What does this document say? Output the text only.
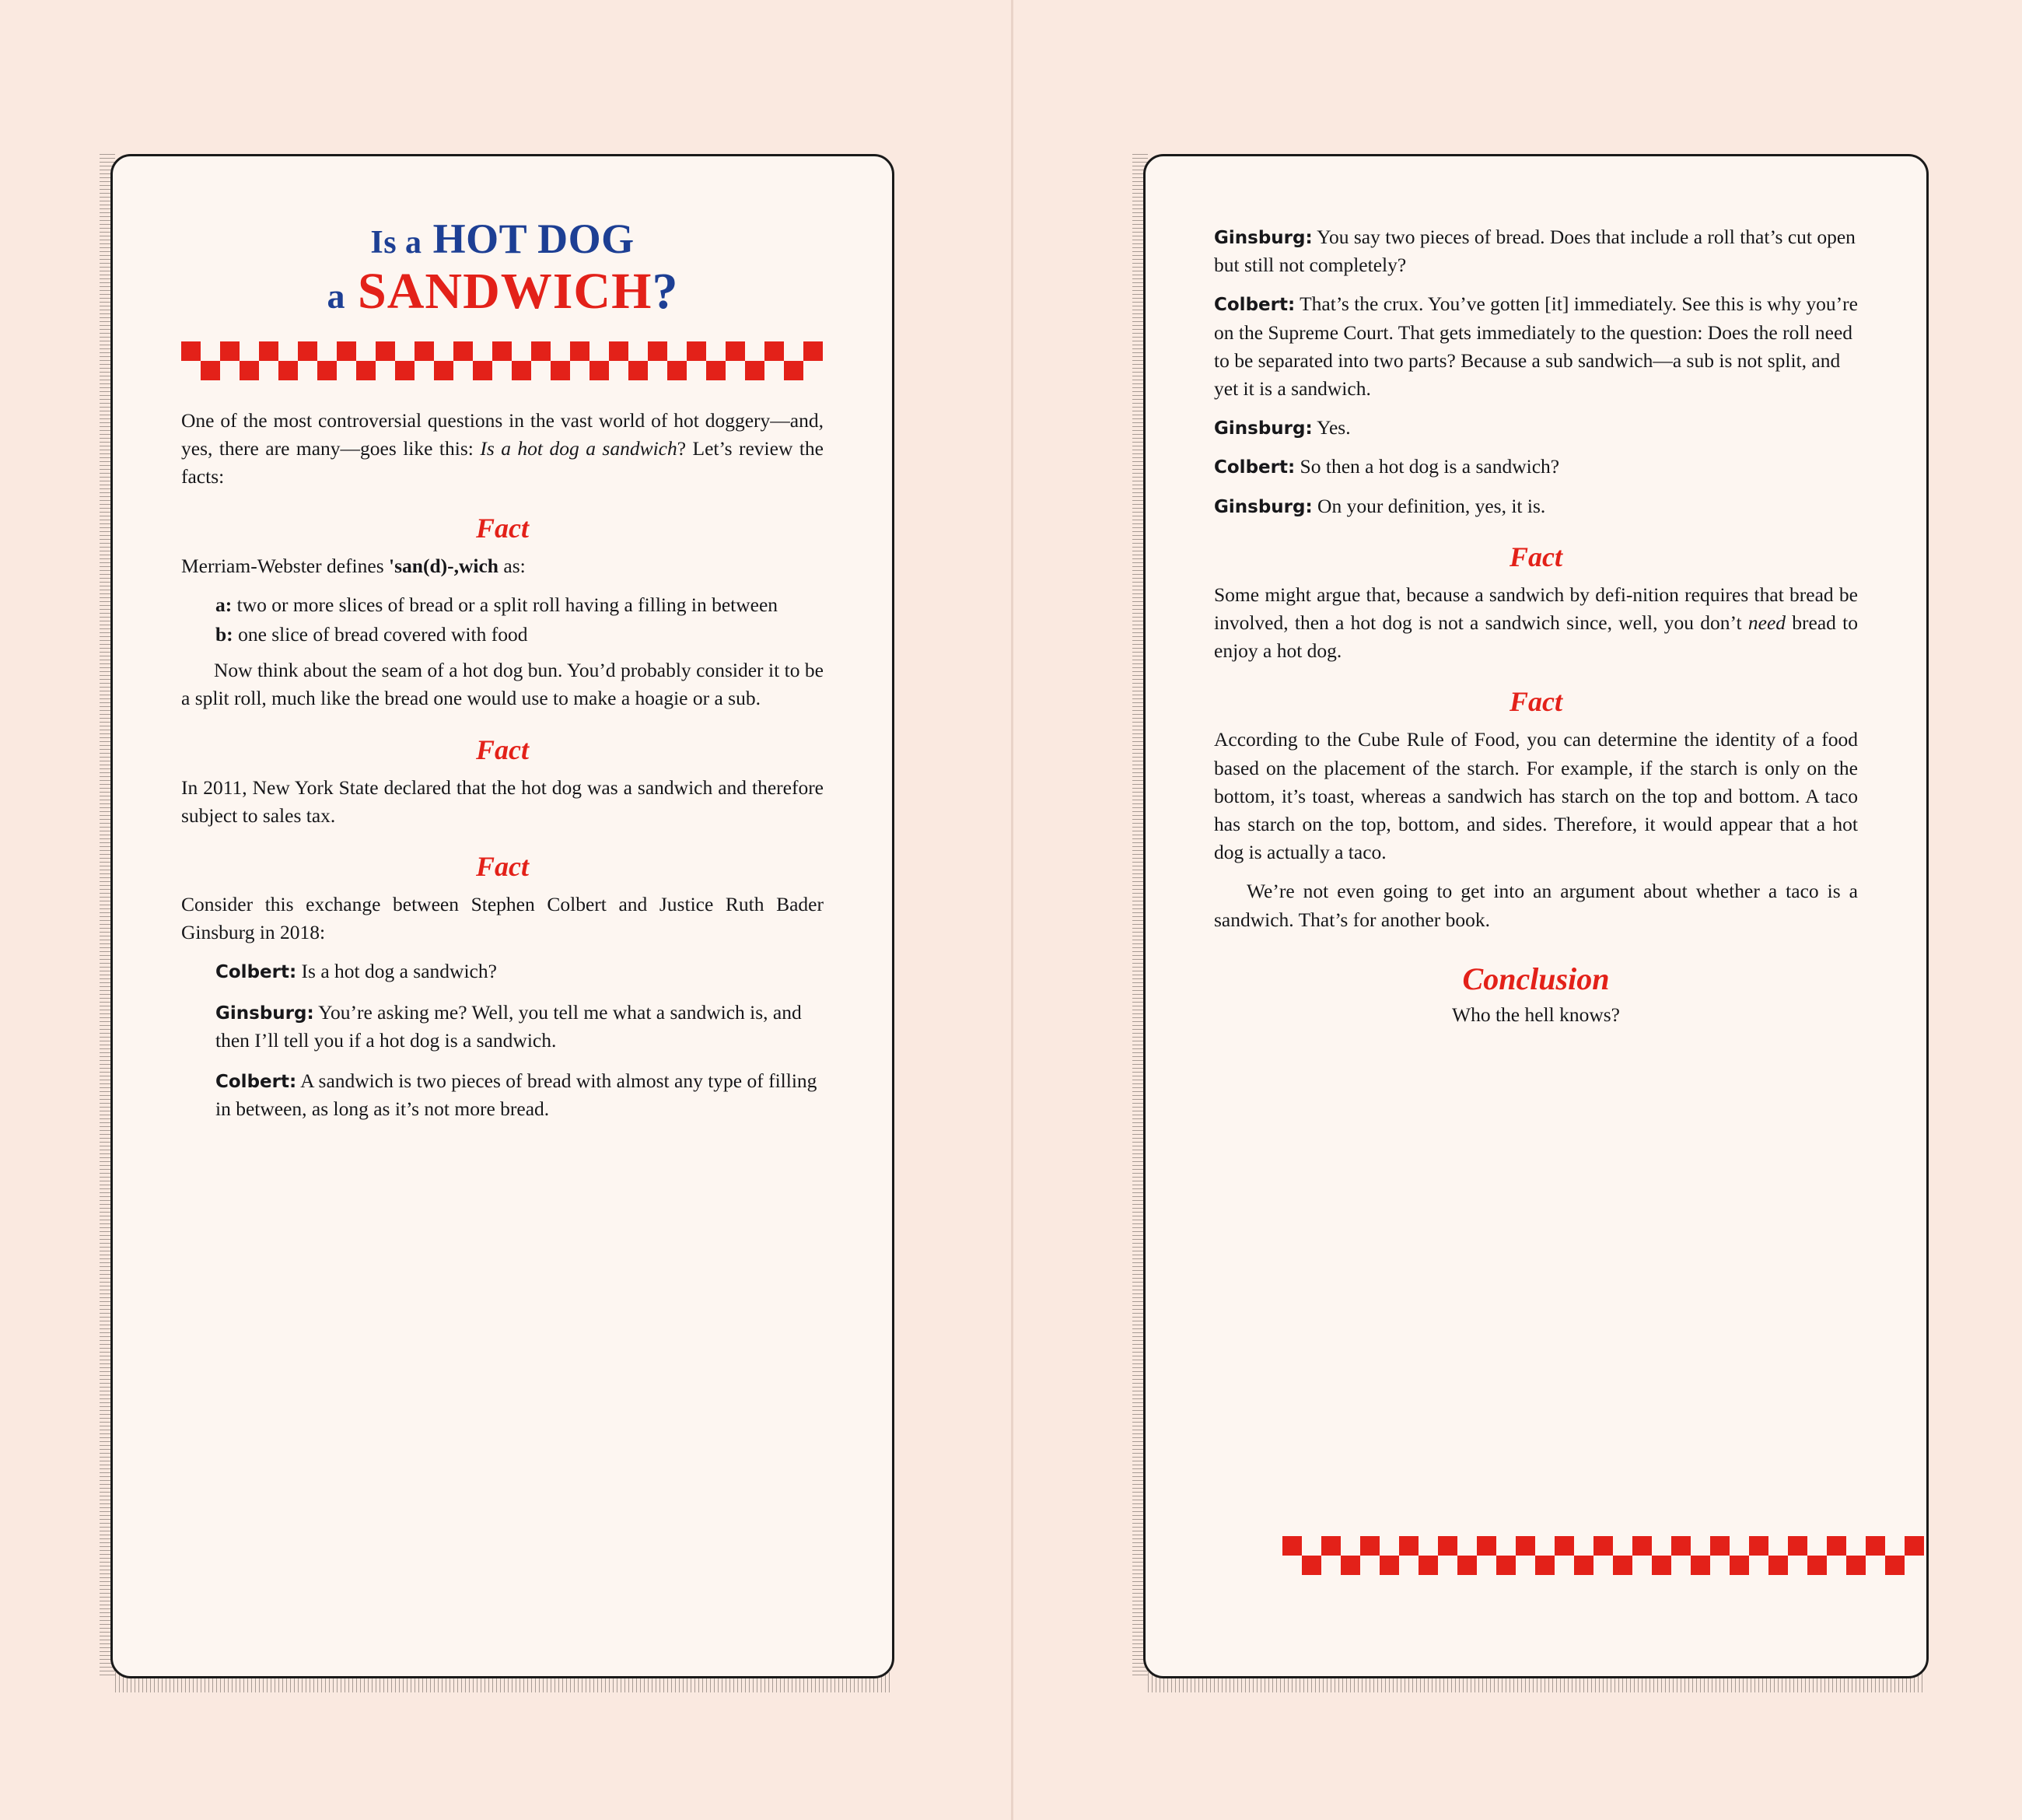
Is a HOT DOG
a SANDWICH?

One of the most controversial questions in the vast world of hot doggery—and, yes, there are many—goes like this: Is a hot dog a sandwich? Let’s review the facts:

Fact

Merriam-Webster defines 'san(d)-,wich as:

a: two or more slices of bread or a split roll having a filling in between
b: one slice of bread covered with food

Now think about the seam of a hot dog bun. You’d probably consider it to be a split roll, much like the bread one would use to make a hoagie or a sub.

Fact

In 2011, New York State declared that the hot dog was a sandwich and therefore subject to sales tax.

Fact

Consider this exchange between Stephen Colbert and Justice Ruth Bader Ginsburg in 2018:

Colbert: Is a hot dog a sandwich?
Ginsburg: You’re asking me? Well, you tell me what a sandwich is, and then I’ll tell you if a hot dog is a sandwich.
Colbert: A sandwich is two pieces of bread with almost any type of filling in between, as long as it’s not more bread.
Ginsburg: You say two pieces of bread. Does that include a roll that’s cut open but still not completely?
Colbert: That’s the crux. You’ve gotten [it] immediately. See this is why you’re on the Supreme Court. That gets immediately to the question: Does the roll need to be separated into two parts? Because a sub sandwich—a sub is not split, and yet it is a sandwich.
Ginsburg: Yes.
Colbert: So then a hot dog is a sandwich?
Ginsburg: On your definition, yes, it is.
Fact

Some might argue that, because a sandwich by defi-nition requires that bread be involved, then a hot dog is not a sandwich since, well, you don’t need bread to enjoy a hot dog.

Fact

According to the Cube Rule of Food, you can determine the identity of a food based on the placement of the starch. For example, if the starch is only on the bottom, it’s toast, whereas a sandwich has starch on the top and bottom. A taco has starch on the top, bottom, and sides. Therefore, it would appear that a hot dog is actually a taco.

We’re not even going to get into an argument about whether a taco is a sandwich. That’s for another book.

Conclusion
Who the hell knows?
